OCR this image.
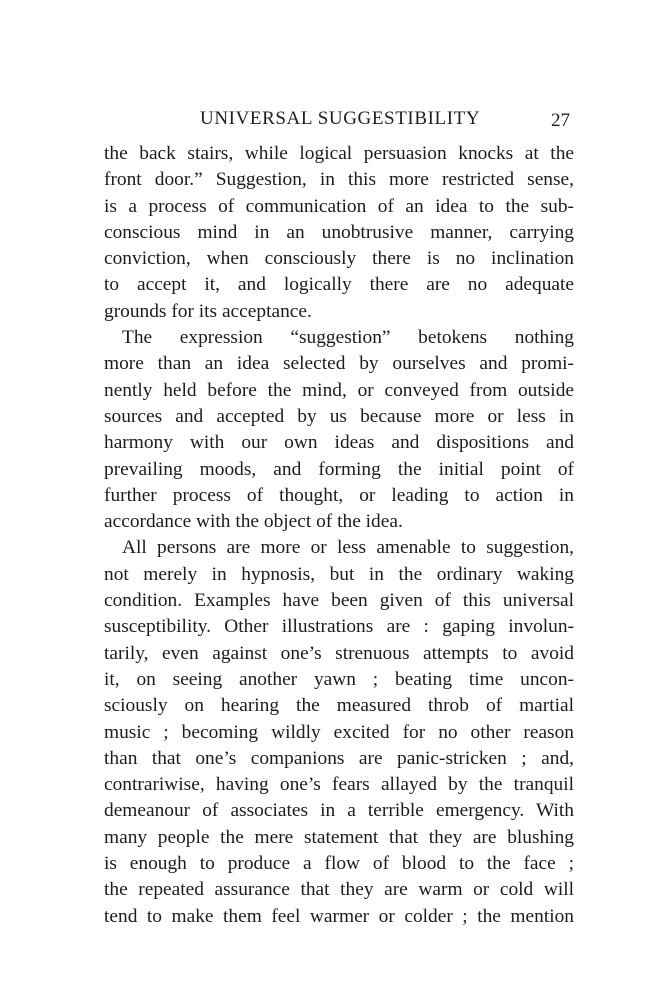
UNIVERSAL SUGGESTIBILITY	27
the back stairs, while logical persuasion knocks at the
front door.” Suggestion, in this more restricted sense,
is a process of communication of an idea to the sub-
conscious mind in an unobtrusive manner, carrying
conviction, when consciously there is no inclination
to accept it, and logically there are no adequate
grounds for its acceptance.
The expression “suggestion” betokens nothing
more than an idea selected by ourselves and promi-
nently held before the mind, or conveyed from outside
sources and accepted by us because more or less in
harmony with our own ideas and dispositions and
prevailing moods, and forming the initial point of
further process of thought, or leading to action in
accordance with the object of the idea.
All persons are more or less amenable to suggestion,
not merely in hypnosis, but in the ordinary waking
condition. Examples have been given of this universal
susceptibility. Other illustrations are : gaping involun-
tarily, even against one’s strenuous attempts to avoid
it, on seeing another yawn ; beating time uncon-
sciously on hearing the measured throb of martial
music ; becoming wildly excited for no other reason
than that one’s companions are panic-stricken ; and,
contrariwise, having one’s fears allayed by the tranquil
demeanour of associates in a terrible emergency. With
many people the mere statement that they are blushing
is enough to produce a flow of blood to the face ;
the repeated assurance that they are warm or cold will
tend to make them feel warmer or colder ; the mention
